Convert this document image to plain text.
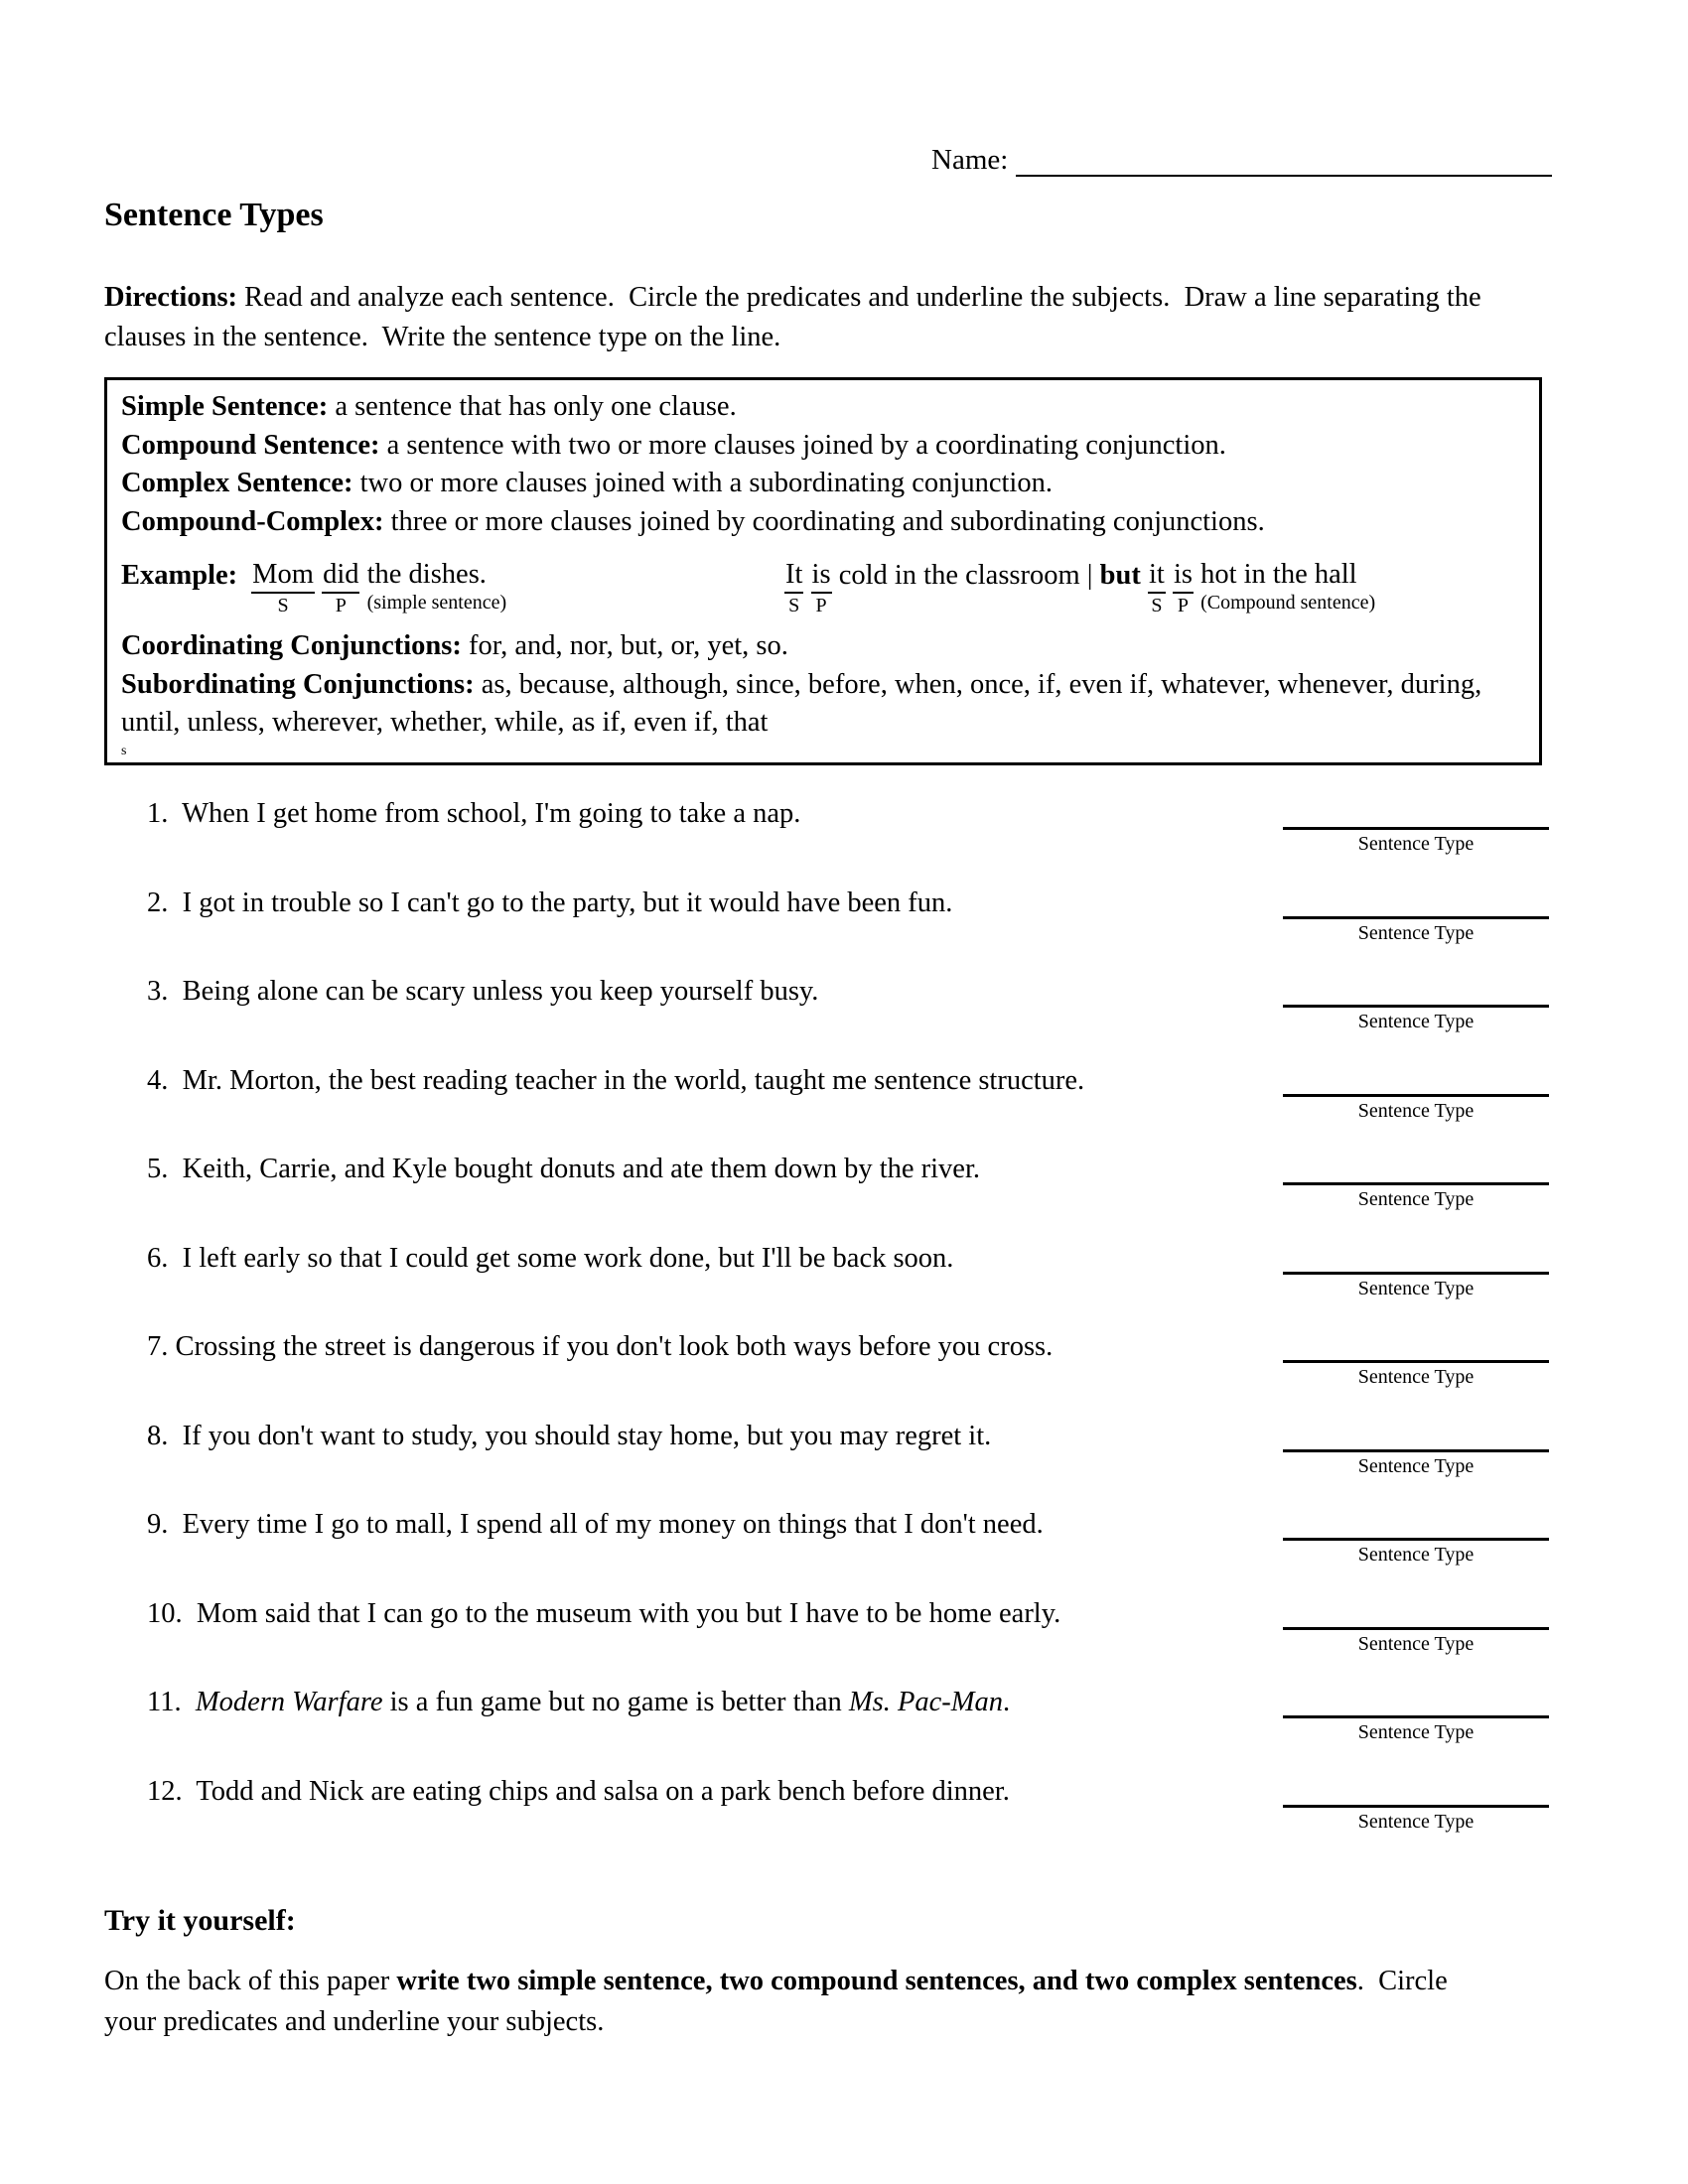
Name:
Sentence Types
Directions: Read and analyze each sentence.  Circle the predicates and underline the subjects.  Draw a line separating the clauses in the sentence.  Write the sentence type on the line.
Simple Sentence: a sentence that has only one clause.
Compound Sentence: a sentence with two or more clauses joined by a coordinating conjunction.
Complex Sentence: two or more clauses joined with a subordinating conjunction.
Compound-Complex: three or more clauses joined by coordinating and subordinating conjunctions.
Example: Mom
S

did
P

the dishes.
(simple sentence)
It
S

is
P
cold in the classroom | but it
S

is
P

hot in the hall
(Compound sentence)
Coordinating Conjunctions: for, and, nor, but, or, yet, so.
Subordinating Conjunctions: as, because, although, since, before, when, once, if, even if, whatever, whenever, during, until, unless, wherever, whether, while, as if, even if, that
s
1.  When I get home from school, I'm going to take a nap.
Sentence Type
2.  I got in trouble so I can't go to the party, but it would have been fun.
Sentence Type
3.  Being alone can be scary unless you keep yourself busy.
Sentence Type
4.  Mr. Morton, the best reading teacher in the world, taught me sentence structure.
Sentence Type
5.  Keith, Carrie, and Kyle bought donuts and ate them down by the river.
Sentence Type
6.  I left early so that I could get some work done, but I'll be back soon.
Sentence Type
7. Crossing the street is dangerous if you don't look both ways before you cross.
Sentence Type
8.  If you don't want to study, you should stay home, but you may regret it.
Sentence Type
9.  Every time I go to mall, I spend all of my money on things that I don't need.
Sentence Type
10.  Mom said that I can go to the museum with you but I have to be home early.
Sentence Type
11.  Modern Warfare is a fun game but no game is better than Ms. Pac-Man.
Sentence Type
12.  Todd and Nick are eating chips and salsa on a park bench before dinner.
Sentence Type
Try it yourself:
On the back of this paper write two simple sentence, two compound sentences, and two complex sentences.  Circle your predicates and underline your subjects.
